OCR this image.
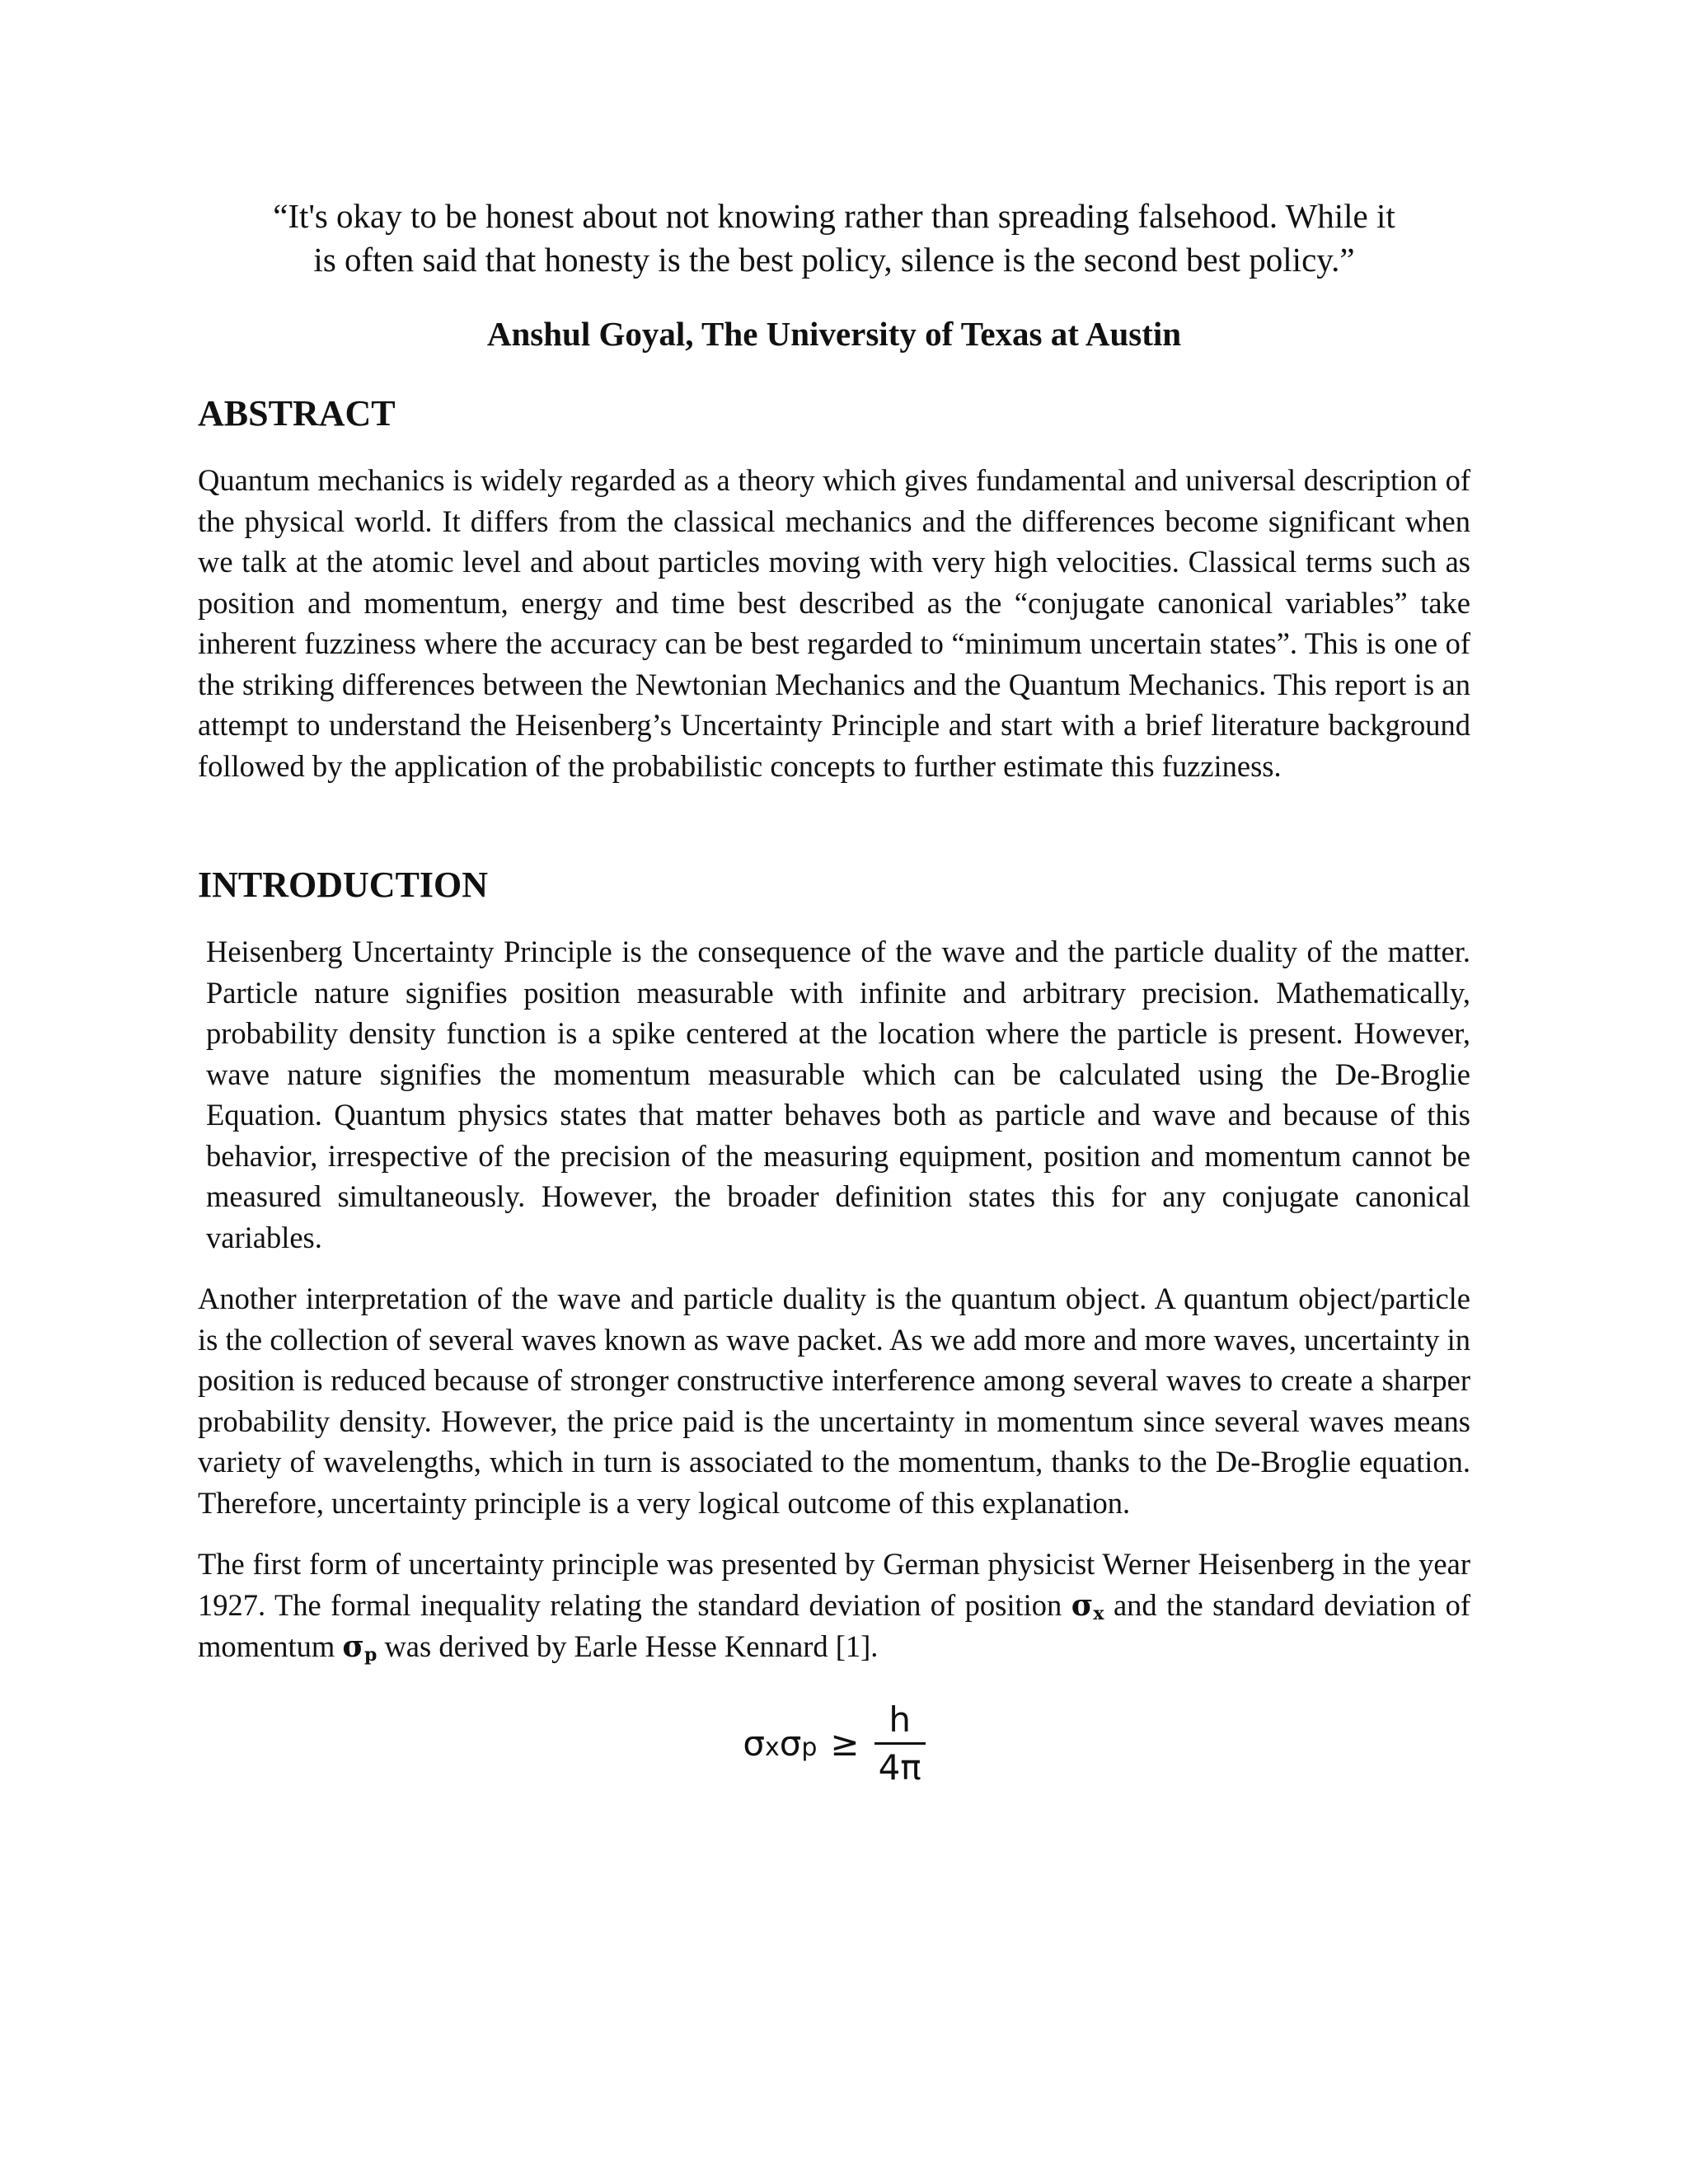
“It's okay to be honest about not knowing rather than spreading falsehood. While it
is often said that honesty is the best policy, silence is the second best policy.”

Anshul Goyal, The University of Texas at Austin

ABSTRACT

Quantum mechanics is widely regarded as a theory which gives fundamental and universal description of the physical world. It differs from the classical mechanics and the differences become significant when we talk at the atomic level and about particles moving with very high velocities. Classical terms such as position and momentum, energy and time best described as the “conjugate canonical variables” take inherent fuzziness where the accuracy can be best regarded to “minimum uncertain states”. This is one of the striking differences between the Newtonian Mechanics and the Quantum Mechanics. This report is an attempt to understand the Heisenberg’s Uncertainty Principle and start with a brief literature background followed by the application of the probabilistic concepts to further estimate this fuzziness.

INTRODUCTION

Heisenberg Uncertainty Principle is the consequence of the wave and the particle duality of the matter. Particle nature signifies position measurable with infinite and arbitrary precision. Mathematically, probability density function is a spike centered at the location where the particle is present. However, wave nature signifies the momentum measurable which can be calculated using the De-Broglie Equation. Quantum physics states that matter behaves both as particle and wave and because of this behavior, irrespective of the precision of the measuring equipment, position and momentum cannot be measured simultaneously. However, the broader definition states this for any conjugate canonical variables.

Another interpretation of the wave and particle duality is the quantum object. A quantum object/particle is the collection of several waves known as wave packet. As we add more and more waves, uncertainty in position is reduced because of stronger constructive interference among several waves to create a sharper probability density. However, the price paid is the uncertainty in momentum since several waves means variety of wavelengths, which in turn is associated to the momentum, thanks to the De-Broglie equation. Therefore, uncertainty principle is a very logical outcome of this explanation.

The first form of uncertainty principle was presented by German physicist Werner Heisenberg in the year 1927. The formal inequality relating the standard deviation of position $\sigma_x$ and the standard deviation of momentum $\sigma_p$ was derived by Earle Hesse Kennard [1].

σ x σ $p \ge \frac{h}{4\pi}$
